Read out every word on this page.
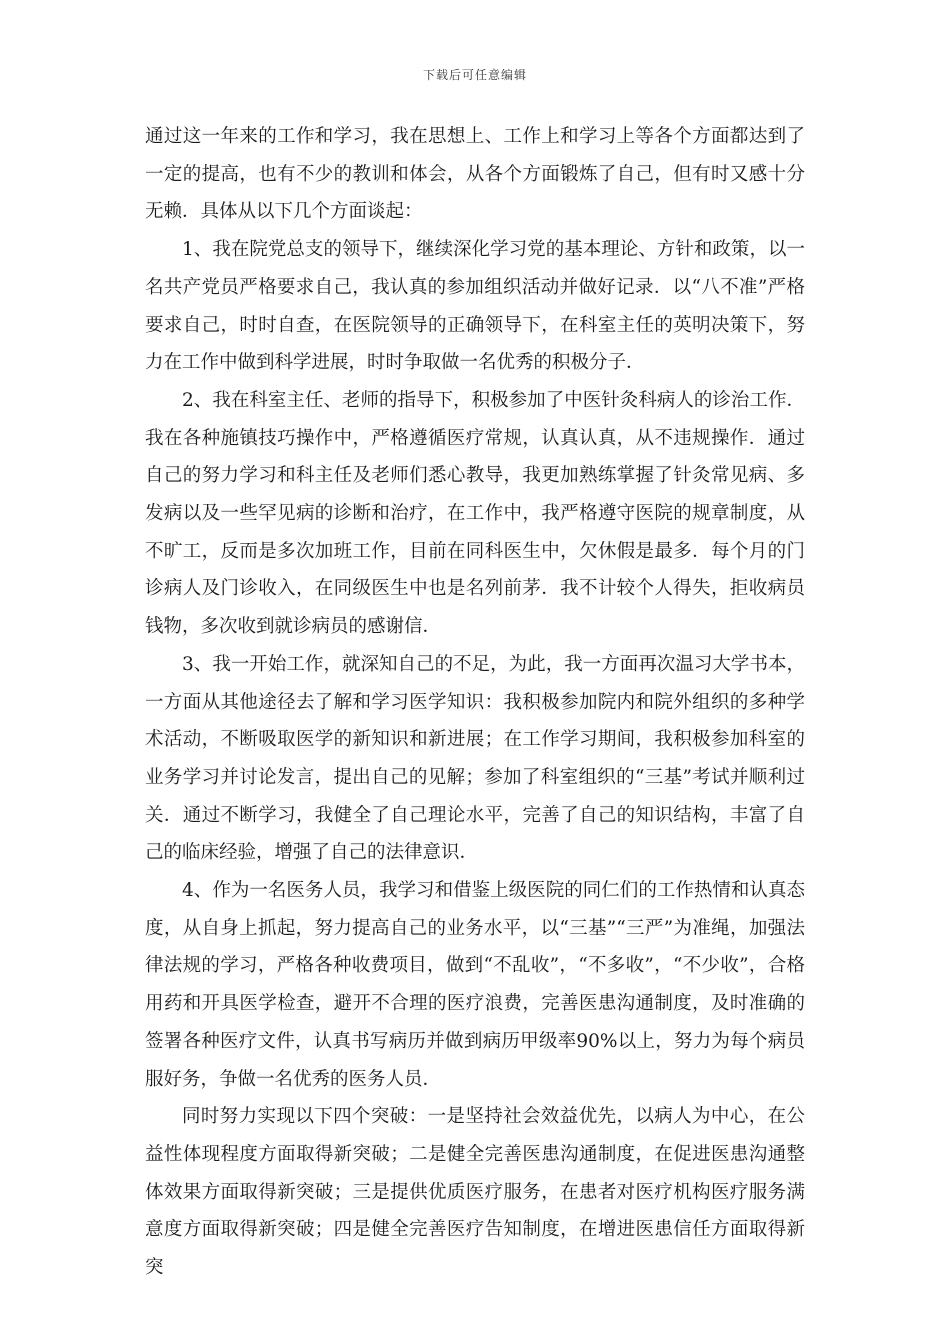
下载后可任意编辑

通过这一年来的工作和学习，我在思想上、工作上和学习上等各个方面都达到了一定的提高，也有不少的教训和体会，从各个方面锻炼了自己，但有时又感十分无赖．具体从以下几个方面谈起：

1、我在院党总支的领导下，继续深化学习党的基本理论、方针和政策，以一名共产党员严格要求自己，我认真的参加组织活动并做好记录．以“八不准”严格要求自己，时时自查，在医院领导的正确领导下，在科室主任的英明决策下，努力在工作中做到科学进展，时时争取做一名优秀的积极分子．

2、我在科室主任、老师的指导下，积极参加了中医针灸科病人的诊治工作．我在各种施镇技巧操作中，严格遵循医疗常规，认真认真，从不违规操作．通过自己的努力学习和科主任及老师们悉心教导，我更加熟练掌握了针灸常见病、多发病以及一些罕见病的诊断和治疗，在工作中，我严格遵守医院的规章制度，从不旷工，反而是多次加班工作，目前在同科医生中，欠休假是最多．每个月的门诊病人及门诊收入，在同级医生中也是名列前茅．我不计较个人得失，拒收病员钱物，多次收到就诊病员的感谢信．

3、我一开始工作，就深知自己的不足，为此，我一方面再次温习大学书本，一方面从其他途径去了解和学习医学知识：我积极参加院内和院外组织的多种学术活动，不断吸取医学的新知识和新进展；在工作学习期间，我积极参加科室的业务学习并讨论发言，提出自己的见解；参加了科室组织的“三基”考试并顺利过关．通过不断学习，我健全了自己理论水平，完善了自己的知识结构，丰富了自己的临床经验，增强了自己的法律意识．

4、作为一名医务人员，我学习和借鉴上级医院的同仁们的工作热情和认真态度，从自身上抓起，努力提高自己的业务水平，以“三基”“三严”为准绳，加强法律法规的学习，严格各种收费项目，做到“不乱收”，“不多收”，“不少收”，合格用药和开具医学检查，避开不合理的医疗浪费，完善医患沟通制度，及时准确的签署各种医疗文件，认真书写病历并做到病历甲级率90%以上，努力为每个病员服好务，争做一名优秀的医务人员．

同时努力实现以下四个突破：一是坚持社会效益优先，以病人为中心，在公益性体现程度方面取得新突破；二是健全完善医患沟通制度，在促进医患沟通整体效果方面取得新突破；三是提供优质医疗服务，在患者对医疗机构医疗服务满意度方面取得新突破；四是健全完善医疗告知制度，在增进医患信任方面取得新突
